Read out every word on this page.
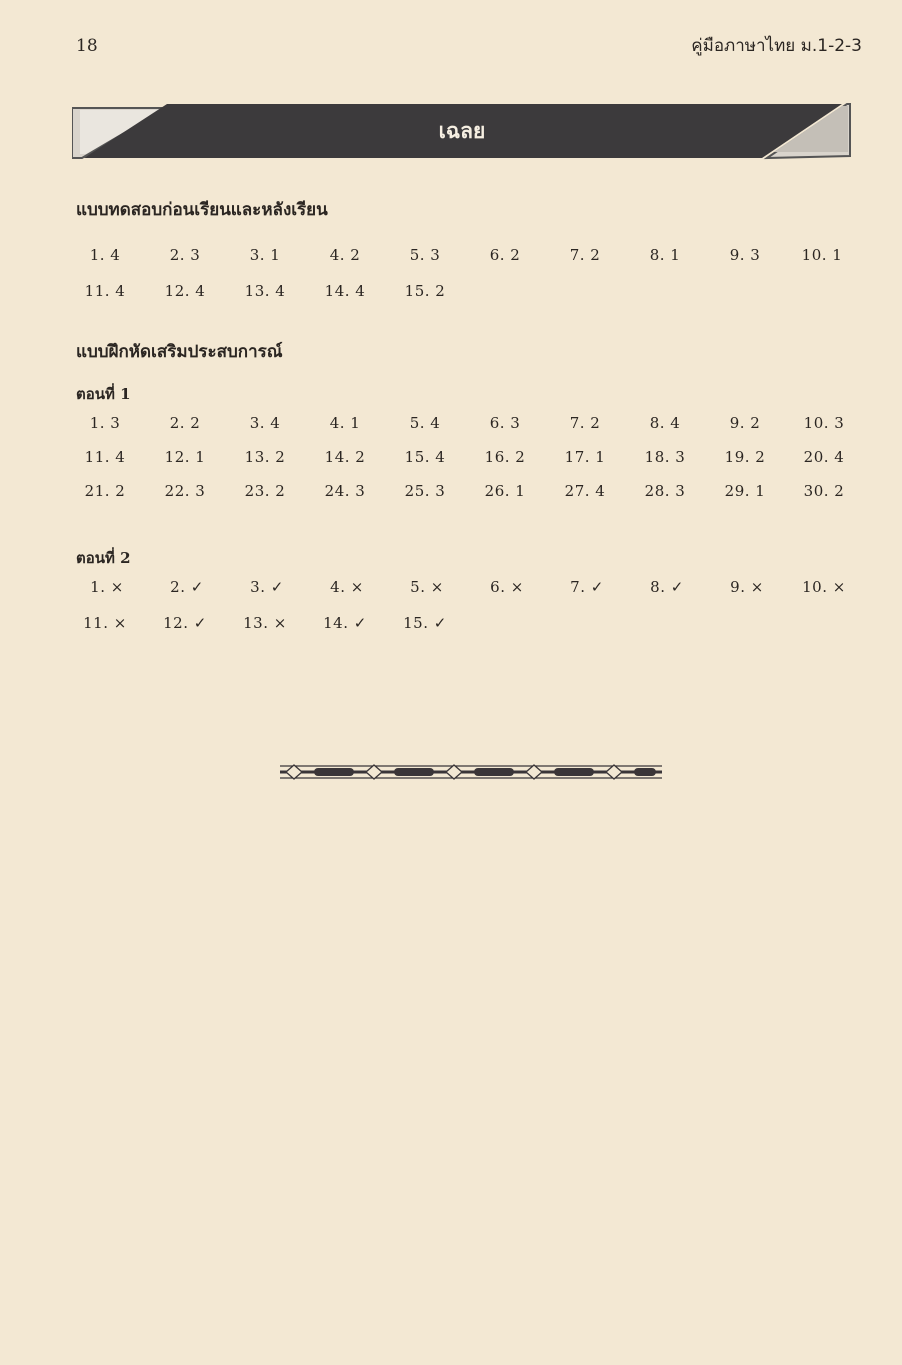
18	คู่มือภาษาไทย ม.1-2-3
เฉลย
แบบทดสอบก่อนเรียนและหลังเรียน
1. 4	2. 3	3. 1	4. 2	5. 3	6. 2	7. 2	8. 1	9. 3	10. 1
11. 4	12. 4	13. 4	14. 4	15. 2
แบบฝึกหัดเสริมประสบการณ์
ตอนที่ 1
1. 3	2. 2	3. 4	4. 1	5. 4	6. 3	7. 2	8. 4	9. 2	10. 3
11. 4	12. 1	13. 2	14. 2	15. 4	16. 2	17. 1	18. 3	19. 2	20. 4
21. 2	22. 3	23. 2	24. 3	25. 3	26. 1	27. 4	28. 3	29. 1	30. 2
ตอนที่ 2
1. ×	2. ✓	3. ✓	4. ×	5. ×	6. ×	7. ✓	8. ✓	9. ×	10. ×
11. ×	12. ✓	13. ×	14. ✓	15. ✓
